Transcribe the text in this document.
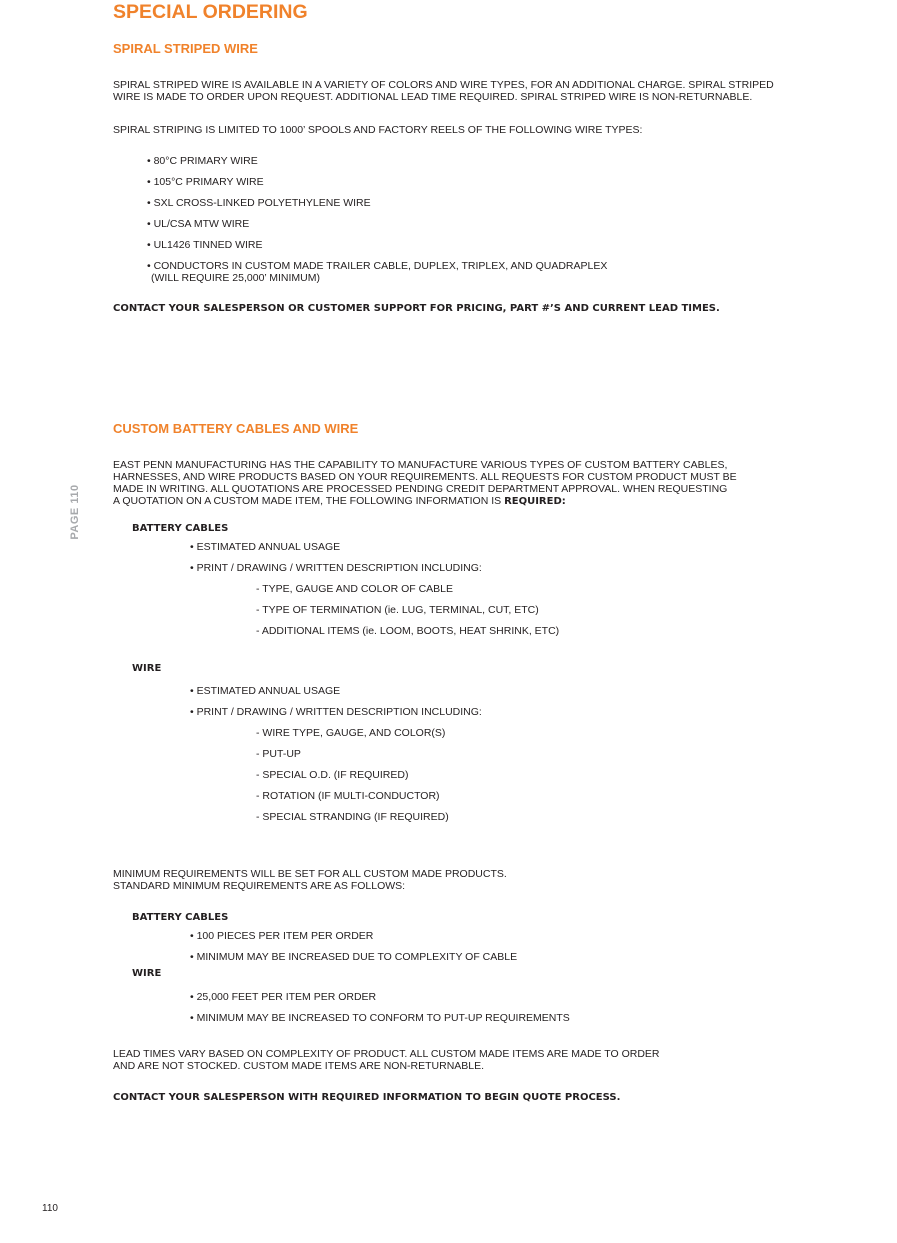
SPECIAL ORDERING
PAGE 110
SPIRAL STRIPED WIRE

SPIRAL STRIPED WIRE IS AVAILABLE IN A VARIETY OF COLORS AND WIRE TYPES, FOR AN ADDITIONAL CHARGE. SPIRAL STRIPED
WIRE IS MADE TO ORDER UPON REQUEST. ADDITIONAL LEAD TIME REQUIRED. SPIRAL STRIPED WIRE IS NON-RETURNABLE.

SPIRAL STRIPING IS LIMITED TO 1000’ SPOOLS AND FACTORY REELS OF THE FOLLOWING WIRE TYPES:

• 80°C PRIMARY WIRE
• 105°C PRIMARY WIRE
• SXL CROSS-LINKED POLYETHYLENE WIRE
• UL/CSA MTW WIRE
• UL1426 TINNED WIRE
• CONDUCTORS IN CUSTOM MADE TRAILER CABLE, DUPLEX, TRIPLEX, AND QUADRAPLEX
(WILL REQUIRE 25,000’ MINIMUM)

CONTACT YOUR SALESPERSON OR CUSTOMER SUPPORT FOR PRICING, PART #’S AND CURRENT LEAD TIMES.

CUSTOM BATTERY CABLES AND WIRE

EAST PENN MANUFACTURING HAS THE CAPABILITY TO MANUFACTURE VARIOUS TYPES OF CUSTOM BATTERY CABLES,
HARNESSES, AND WIRE PRODUCTS BASED ON YOUR REQUIREMENTS. ALL REQUESTS FOR CUSTOM PRODUCT MUST BE
MADE IN WRITING. ALL QUOTATIONS ARE PROCESSED PENDING CREDIT DEPARTMENT APPROVAL. WHEN REQUESTING
A QUOTATION ON A CUSTOM MADE ITEM, THE FOLLOWING INFORMATION IS REQUIRED:

BATTERY CABLES
• ESTIMATED ANNUAL USAGE
• PRINT / DRAWING / WRITTEN DESCRIPTION INCLUDING:
- TYPE, GAUGE AND COLOR OF CABLE
- TYPE OF TERMINATION (ie. LUG, TERMINAL, CUT, ETC)
- ADDITIONAL ITEMS (ie. LOOM, BOOTS, HEAT SHRINK, ETC)
WIRE
• ESTIMATED ANNUAL USAGE
• PRINT / DRAWING / WRITTEN DESCRIPTION INCLUDING:
- WIRE TYPE, GAUGE, AND COLOR(S)
- PUT-UP
- SPECIAL O.D. (IF REQUIRED)
- ROTATION (IF MULTI-CONDUCTOR)
- SPECIAL STRANDING (IF REQUIRED)

MINIMUM REQUIREMENTS WILL BE SET FOR ALL CUSTOM MADE PRODUCTS.
STANDARD MINIMUM REQUIREMENTS ARE AS FOLLOWS:

BATTERY CABLES
• 100 PIECES PER ITEM PER ORDER
• MINIMUM MAY BE INCREASED DUE TO COMPLEXITY OF CABLE
WIRE
• 25,000 FEET PER ITEM PER ORDER
• MINIMUM MAY BE INCREASED TO CONFORM TO PUT-UP REQUIREMENTS

LEAD TIMES VARY BASED ON COMPLEXITY OF PRODUCT. ALL CUSTOM MADE ITEMS ARE MADE TO ORDER
AND ARE NOT STOCKED. CUSTOM MADE ITEMS ARE NON-RETURNABLE.

CONTACT YOUR SALESPERSON WITH REQUIRED INFORMATION TO BEGIN QUOTE PROCESS.

110
